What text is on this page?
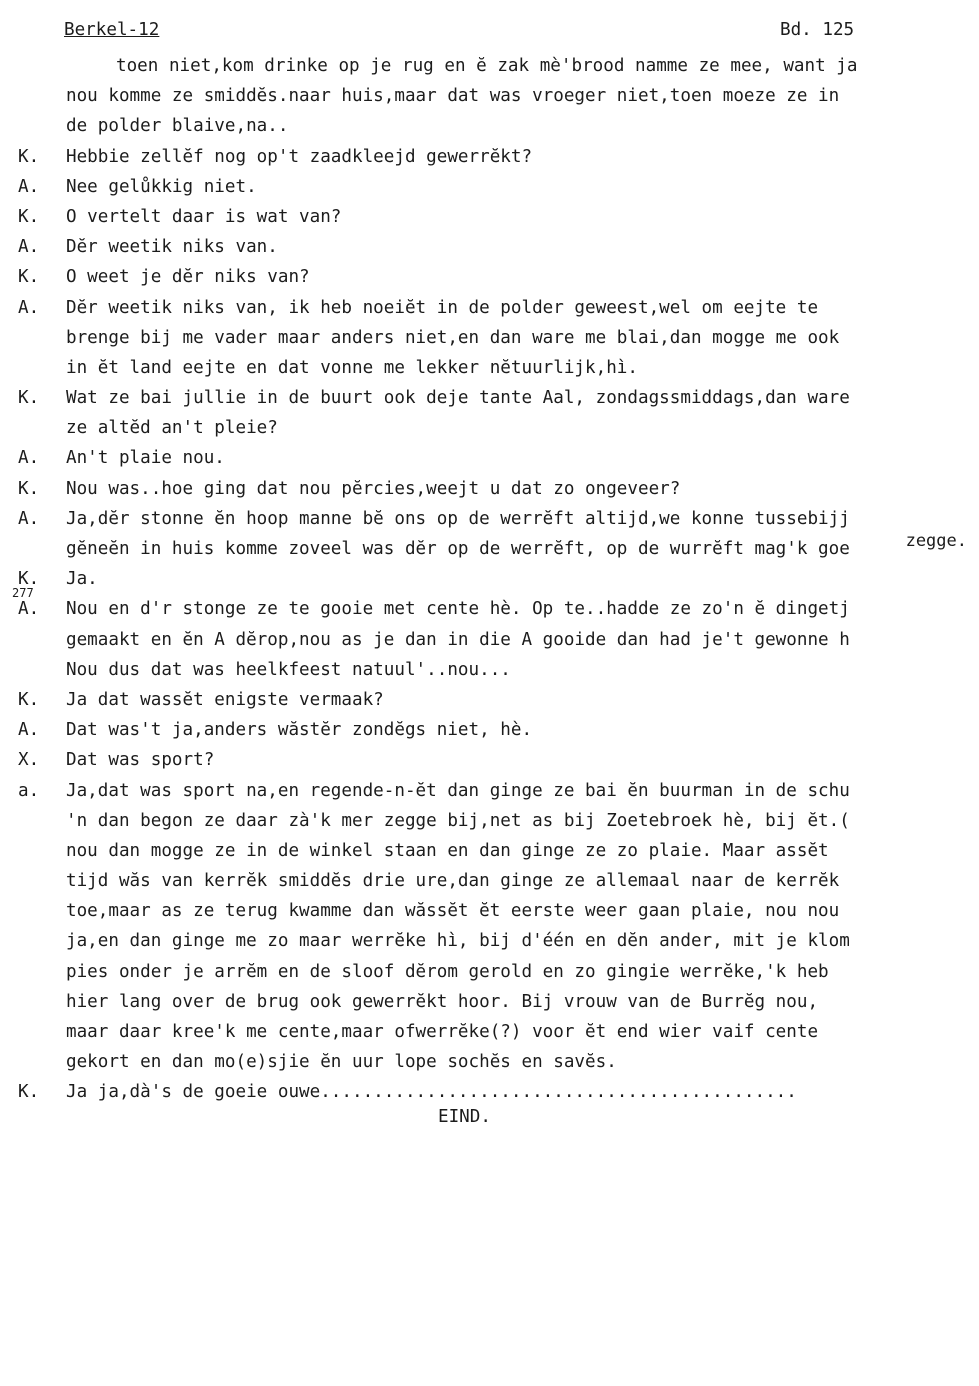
Berkel-12	Bd. 125
toen niet,kom drinke op je rug en ĕ zak mè'brood namme ze mee, want ja
nou komme ze smiddĕs.naar huis,maar dat was vroeger niet,toen moeze ze in
de polder blaive,na..
K.	Hebbie zellĕf nog op't zaadkleejd gewerrĕkt?
A.	Nee gelůkkig niet.
K.	O vertelt daar is wat van?
A.	Dĕr weetik niks van.
K.	O weet je dĕr niks van?
A.	Dĕr weetik niks van, ik heb noeiĕt in de polder geweest,wel om eejte te
brenge bij me vader maar anders niet,en dan ware me blai,dan mogge me ook
in ĕt land eejte en dat vonne me lekker nĕtuurlijk,hì.
K.	Wat ze bai jullie in de buurt ook deje tante Aal, zondagssmiddags,dan ware
ze altĕd an't pleie?
A.	An't plaie nou.
K.	Nou was..hoe ging dat nou pĕrcies,weejt u dat zo ongeveer?
A.	Ja,dĕr stonne ĕn hoop manne bĕ ons op de werrĕft altijd,we konne tussebijj
gĕneĕn in huis komme zoveel was dĕr op de werrĕft, op de wurrĕft mag'k goe	zegge.
K.	Ja.
A.	Nou en d'r stonge ze te gooie met cente hè. Op te..hadde ze zo'n ĕ dingetj
277
gemaakt en ĕn A dĕrop,nou as je dan in die A gooide dan had je't gewonne h
Nou dus dat was heelkfeest natuul'..nou...
K.	Ja dat wassĕt enigste vermaak?
A.	Dat was't ja,anders wăstĕr zondĕgs niet, hè.
X.	Dat was sport?
a.	Ja,dat was sport na,en regende-n-ĕt dan ginge ze bai ĕn buurman in de schu
'n dan begon ze daar zà'k mer zegge bij,net as bij Zoetebroek hè, bij ĕt.(
nou dan mogge ze in de winkel staan en dan ginge ze zo plaie. Maar assĕt
tijd wăs van kerrĕk smiddĕs drie ure,dan ginge ze allemaal naar de kerrĕk
toe,maar as ze terug kwamme dan wăssĕt ĕt eerste weer gaan plaie, nou nou
ja,en dan ginge me zo maar werrĕke hì, bij d'één en dĕn ander, mit je klom
pies onder je arrĕm en de sloof dĕrom gerold en zo gingie werrĕke,'k heb
hier lang over de brug ook gewerrĕkt hoor. Bij vrouw van de Burrĕg nou,
maar daar kree'k me cente,maar ofwerrĕke(?) voor ĕt end wier vaif cente
gekort en dan mo(e)sjie ĕn uur lope sochĕs en savĕs.
K.	Ja ja,dà's de goeie ouwe.............................................
EIND.
